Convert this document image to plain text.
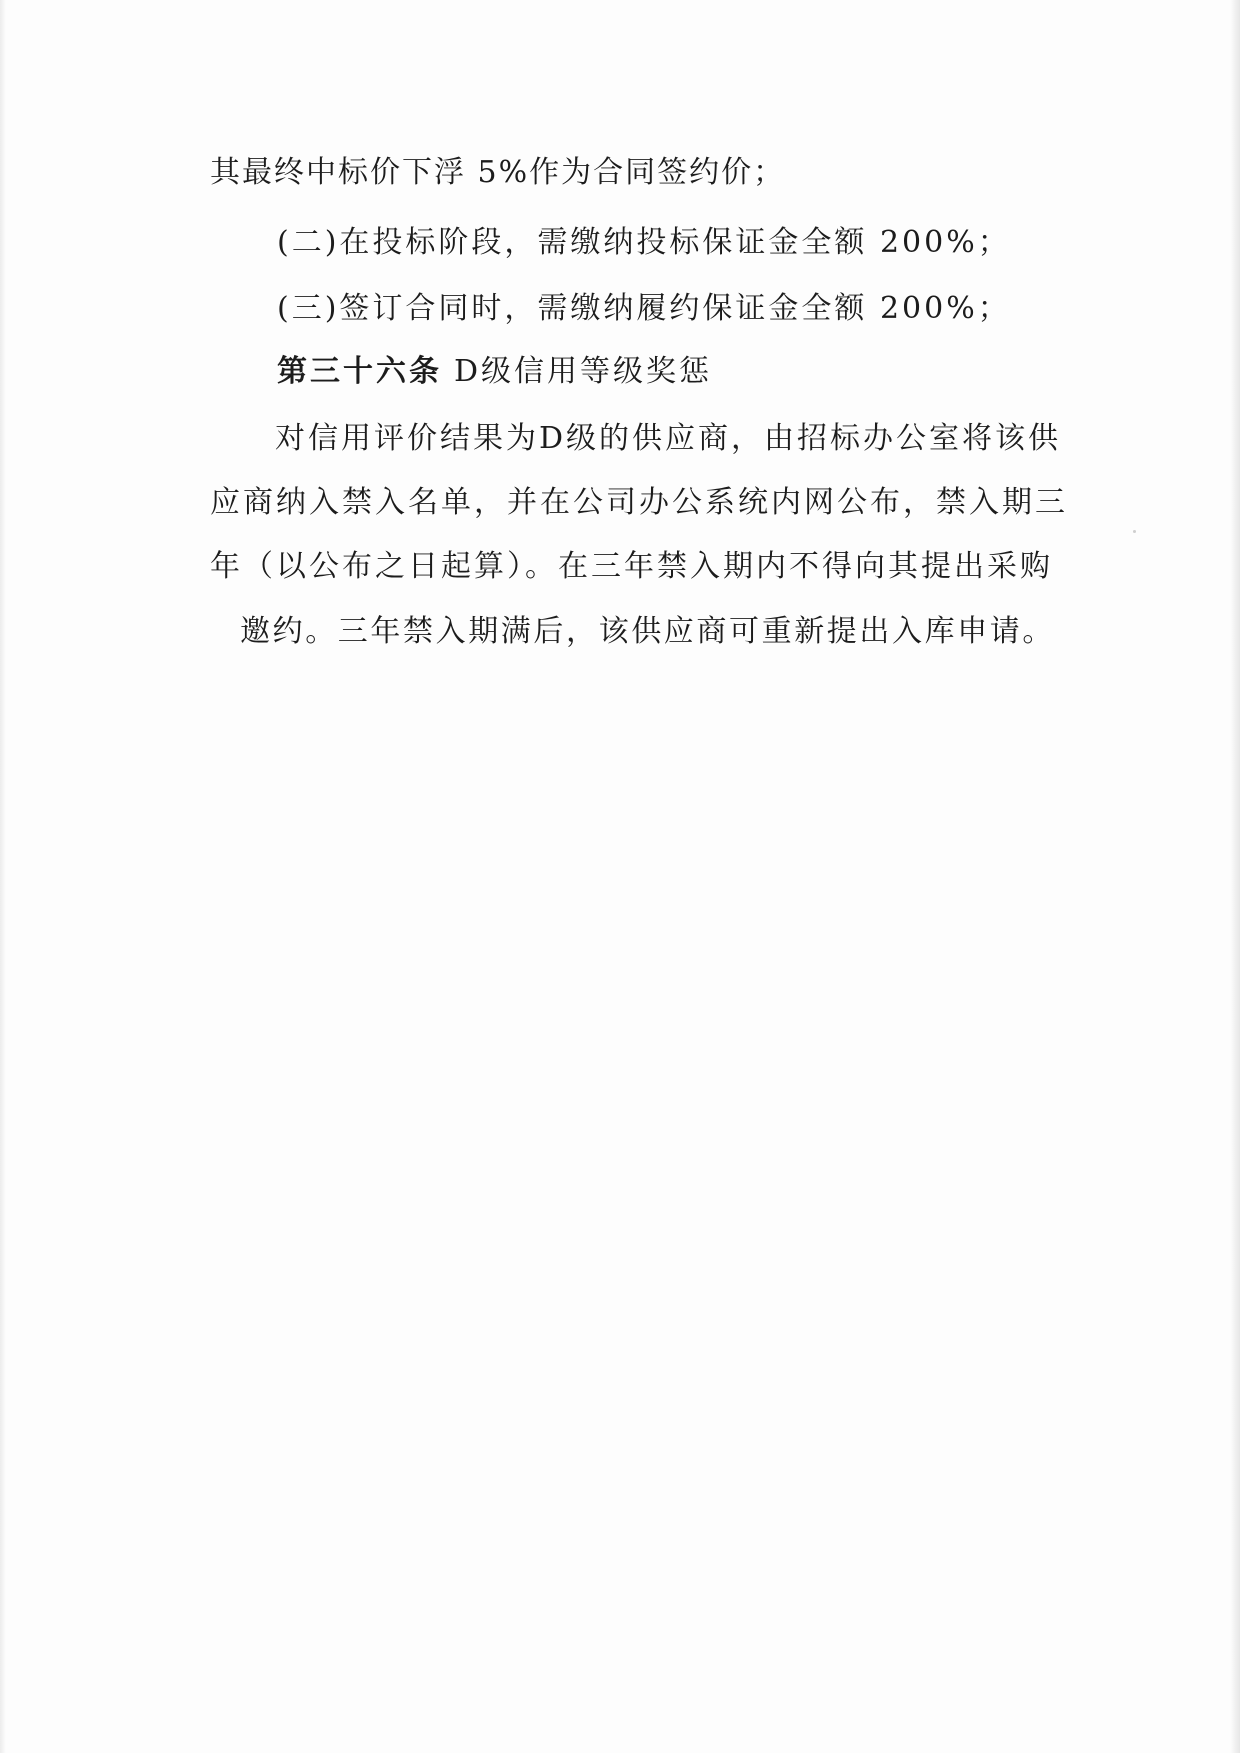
其最终中标价下浮 5%作为合同签约价；
(二)在投标阶段，需缴纳投标保证金全额 200%；
(三)签订合同时，需缴纳履约保证金全额 200%；
第三十六条 D级信用等级奖惩
对信用评价结果为D级的供应商，由招标办公室将该供
应商纳入禁入名单，并在公司办公系统内网公布，禁入期三
年（以公布之日起算）。在三年禁入期内不得向其提出采购
邀约。三年禁入期满后，该供应商可重新提出入库申请。
